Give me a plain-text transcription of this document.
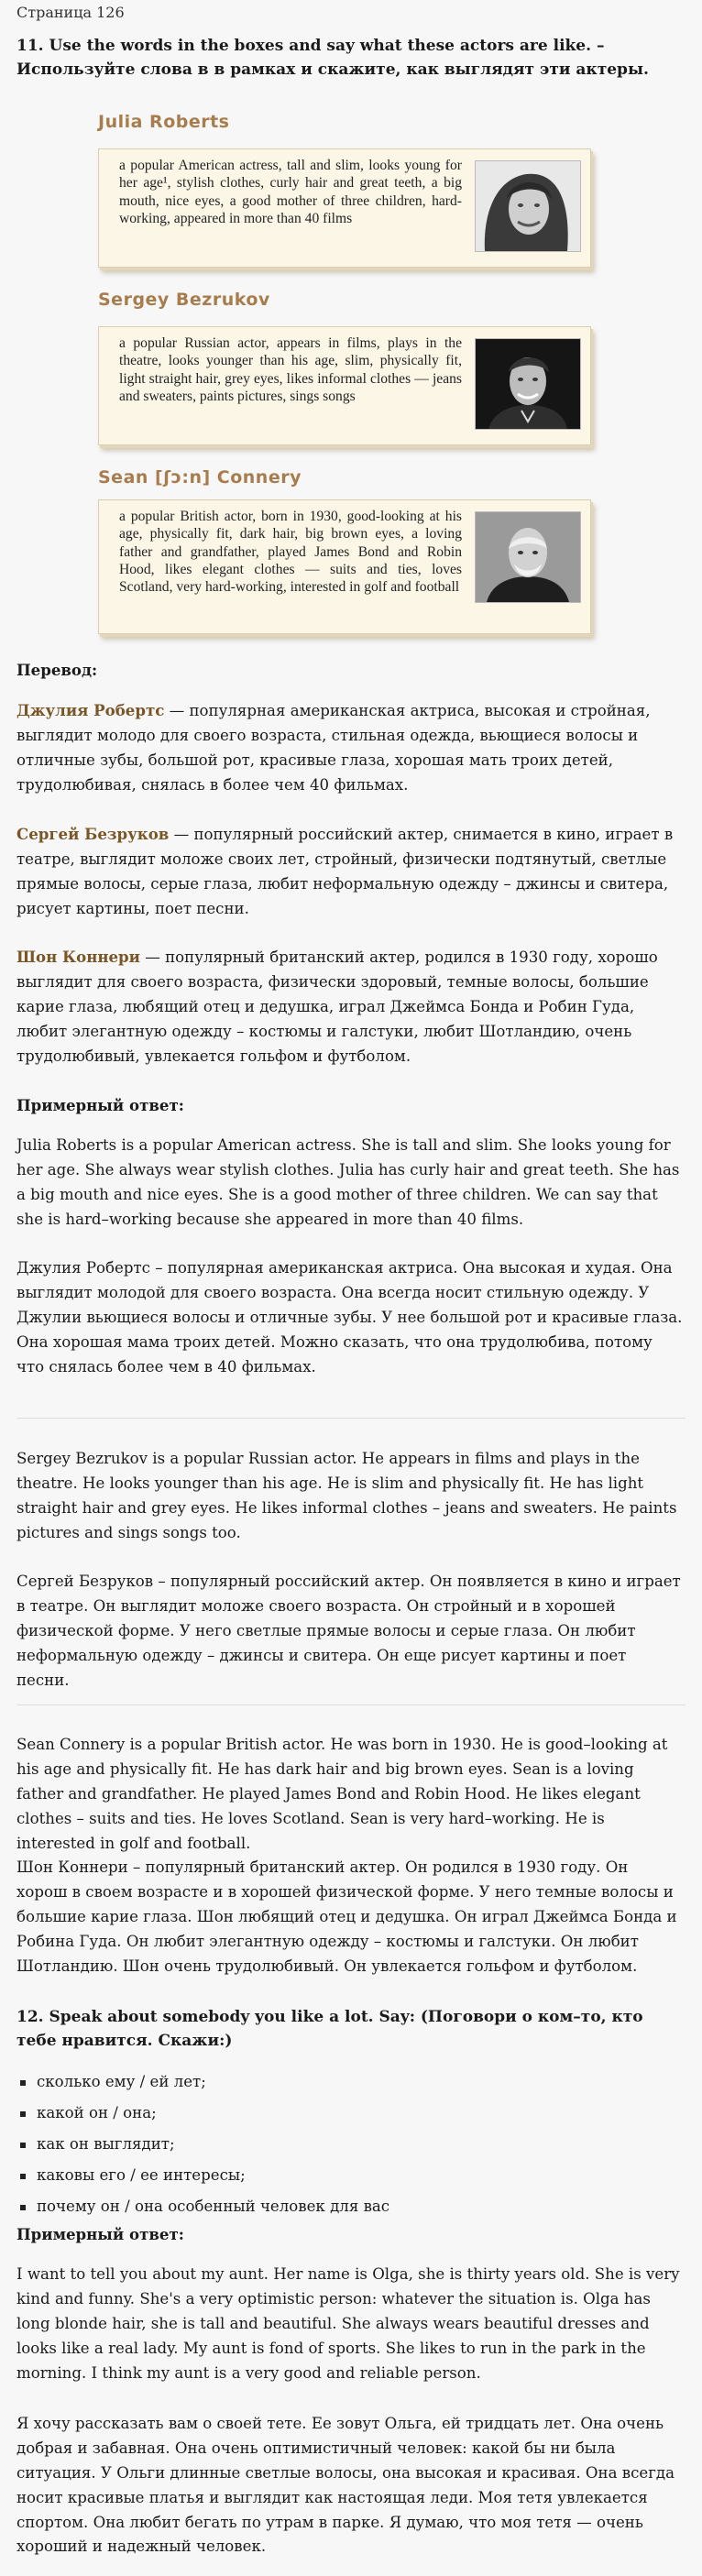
Страница 126
11. Use the words in the boxes and say what these actors are like. – Используйте слова в в рамках и скажите, как выглядят эти актеры.
Julia Roberts
a popular American actress, tall and slim, looks young for her age¹, stylish clothes, curly hair and great teeth, a big mouth, nice eyes, a good mother of three children, hard-working, appeared in more than 40 films
Sergey Bezrukov
a popular Russian actor, appears in films, plays in the theatre, looks younger than his age, slim, physically fit, light straight hair, grey eyes, likes informal clothes — jeans and sweaters, paints pictures, sings songs
Sean [ʃɔ:n] Connery
a popular British actor, born in 1930, good-looking at his age, physically fit, dark hair, big brown eyes, a loving father and grandfather, played James Bond and Robin Hood, likes elegant clothes — suits and ties, loves Scotland, very hard-working, interested in golf and football
Перевод:

Джулия Робертс — популярная американская актриса, высокая и стройная, выглядит молодо для своего возраста, стильная одежда, вьющиеся волосы и отличные зубы, большой рот, красивые глаза, хорошая мать троих детей, трудолюбивая, снялась в более чем 40 фильмах.

Сергей Безруков — популярный российский актер, снимается в кино, играет в театре, выглядит моложе своих лет, стройный, физически подтянутый, светлые прямые волосы, серые глаза, любит неформальную одежду – джинсы и свитера, рисует картины, поет песни.

Шон Коннери — популярный британский актер, родился в 1930 году, хорошо выглядит для своего возраста, физически здоровый, темные волосы, большие карие глаза, любящий отец и дедушка, играл Джеймса Бонда и Робин Гуда, любит элегантную одежду – костюмы и галстуки, любит Шотландию, очень трудолюбивый, увлекается гольфом и футболом.

Примерный ответ:

Julia Roberts is a popular American actress. She is tall and slim. She looks young for her age. She always wear stylish clothes. Julia has curly hair and great teeth. She has a big mouth and nice eyes. She is a good mother of three children. We can say that she is hard–working because she appeared in more than 40 films.

Джулия Робертс – популярная американская актриса. Она высокая и худая. Она выглядит молодой для своего возраста. Она всегда носит стильную одежду. У Джулии вьющиеся волосы и отличные зубы. У нее большой рот и красивые глаза. Она хорошая мама троих детей. Можно сказать, что она трудолюбива, потому что снялась более чем в 40 фильмах.

Sergey Bezrukov is a popular Russian actor. He appears in films and plays in the theatre. He looks younger than his age. He is slim and physically fit. He has light straight hair and grey eyes. He likes informal clothes – jeans and sweaters. He paints pictures and sings songs too.

Сергей Безруков – популярный российский актер. Он появляется в кино и играет в театре. Он выглядит моложе своего возраста. Он стройный и в хорошей физической форме. У него светлые прямые волосы и серые глаза. Он любит неформальную одежду – джинсы и свитера. Он еще рисует картины и поет песни.

Sean Connery is a popular British actor. He was born in 1930. He is good–looking at his age and physically fit. He has dark hair and big brown eyes. Sean is a loving father and grandfather. He played James Bond and Robin Hood. He likes elegant clothes – suits and ties. He loves Scotland. Sean is very hard–working. He is interested in golf and football.

Шон Коннери – популярный британский актер. Он родился в 1930 году. Он хорош в своем возрасте и в хорошей физической форме. У него темные волосы и большие карие глаза. Шон любящий отец и дедушка. Он играл Джеймса Бонда и Робина Гуда. Он любит элегантную одежду – костюмы и галстуки. Он любит Шотландию. Шон очень трудолюбивый. Он увлекается гольфом и футболом.

12. Speak about somebody you like a lot. Say: (Поговори о ком–то, кто тебе нравится. Скажи:)
сколько ему / ей лет;
какой он / она;
как он выглядит;
каковы его / ее интересы;
почему он / она особенный человек для вас
Примерный ответ:

I want to tell you about my aunt. Her name is Olga, she is thirty years old. She is very kind and funny. She's a very optimistic person: whatever the situation is. Olga has long blonde hair, she is tall and beautiful. She always wears beautiful dresses and looks like a real lady. My aunt is fond of sports. She likes to run in the park in the morning. I think my aunt is a very good and reliable person.

Я хочу рассказать вам о своей тете. Ее зовут Ольга, ей тридцать лет. Она очень добрая и забавная. Она очень оптимистичный человек: какой бы ни была ситуация. У Ольги длинные светлые волосы, она высокая и красивая. Она всегда носит красивые платья и выглядит как настоящая леди. Моя тетя увлекается спортом. Она любит бегать по утрам в парке. Я думаю, что моя тетя — очень хороший и надежный человек.
